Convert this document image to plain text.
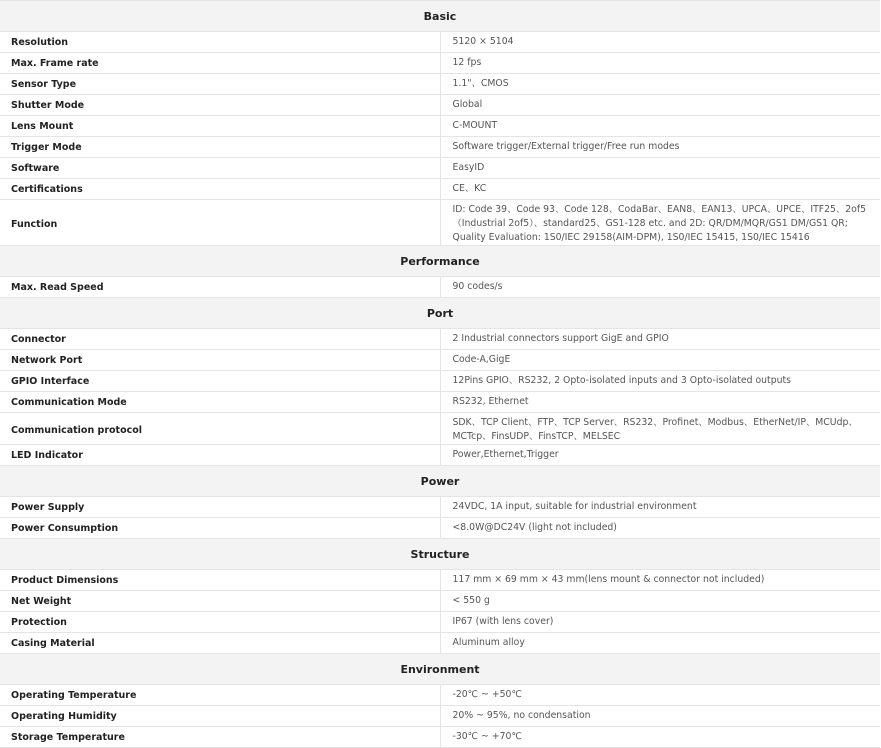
Basic	
Resolution	5120 × 5104
Max. Frame rate	12 fps
Sensor Type	1.1"、CMOS
Shutter Mode	Global
Lens Mount	C-MOUNT
Trigger Mode	Software trigger/External trigger/Free run modes
Software	EasyID
Certifications	CE、KC
Function	ID: Code 39、Code 93、Code 128、CodaBar、EAN8、EAN13、UPCA、UPCE、ITF25、2of5（Industrial 2of5）、standard25、GS1-128 etc. and 2D: QR/DM/MQR/GS1 DM/GS1 QR; Quality Evaluation: 1S0/IEC 29158(AIM-DPM), 1S0/IEC 15415, 1S0/IEC 15416
Performance	
Max. Read Speed	90 codes/s
Port	
Connector	2 Industrial connectors support GigE and GPIO
Network Port	Code-A,GigE
GPIO Interface	12Pins GPIO、RS232, 2 Opto-isolated inputs and 3 Opto-isolated outputs
Communication Mode	RS232, Ethernet
Communication protocol	SDK、TCP Client、FTP、TCP Server、RS232、Profinet、Modbus、EtherNet/IP、MCUdp、MCTcp、FinsUDP、FinsTCP、MELSEC
LED Indicator	Power,Ethernet,Trigger
Power	
Power Supply	24VDC, 1A input, suitable for industrial environment
Power Consumption	<8.0W@DC24V (light not included)
Structure	
Product Dimensions	117 mm × 69 mm × 43 mm(lens mount & connector not included)
Net Weight	< 550 g
Protection	IP67 (with lens cover)
Casing Material	Aluminum alloy
Environment	
Operating Temperature	-20℃ ~ +50℃
Operating Humidity	20% ~ 95%, no condensation
Storage Temperature	-30℃ ~ +70℃
